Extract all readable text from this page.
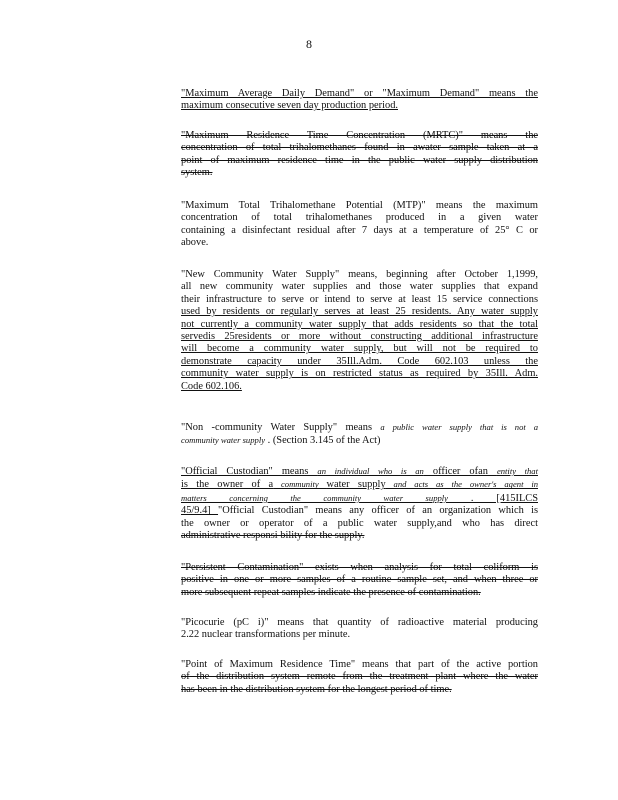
8
"Maximum Average Daily Demand" or "Maximum Demand" means the
maximum consecutive seven day production period.
"Maximum Residence Time Concentration (MRTC)" means the
concentration of total trihalomethanes found in awater sample taken at a
point of maximum residence time in the public water supply distribution
system.
"Maximum Total Trihalomethane Potential (MTP)" means the maximum
concentration of total trihalomethanes produced in a given water
containing a disinfectant residual after 7 days at a temperature of 25° C or
above.
"New Community Water Supply" means, beginning after October 1,1999,
all new community water supplies and those water supplies that expand
their infrastructure to serve or intend to serve at least 15 service connections
used by residents or regularly serves at least 25 residents. Any water supply
not currently a community water supply that adds residents so that the total
servedis 25residents or more without constructing additional infrastructure
will become a community water supply, but will not be required to
demonstrate capacity under 35Ill.Adm. Code 602.103 unless the
community water supply is on restricted status as required by 35Ill. Adm.
Code 602.106.
"Non -community Water Supply" means a public water supply that is not a
community water supply . (Section 3.145 of the Act)
"Official Custodian" means an individual who is an officer ofan entity that
is the owner of a community water supply and acts as the owner's agent in
matters concerning the community water supply . [415ILCS
45/9.4] "Official Custodian" means any officer of an organization which is
the owner or operator of a public water supply,and who has direct
administrative responsi bility for the supply.
"Persistent Contamination" exists when analysis for total coliform is
positive in one or more samples of a routine sample set, and when three or
more subsequent repeat samples indicate the presence of contamination.
"Picocurie (pC i)" means that quantity of radioactive material producing
2.22 nuclear transformations per minute.
"Point of Maximum Residence Time" means that part of the active portion
of the distribution system remote from the treatment plant where the water
has been in the distribution system for the longest period of time.
